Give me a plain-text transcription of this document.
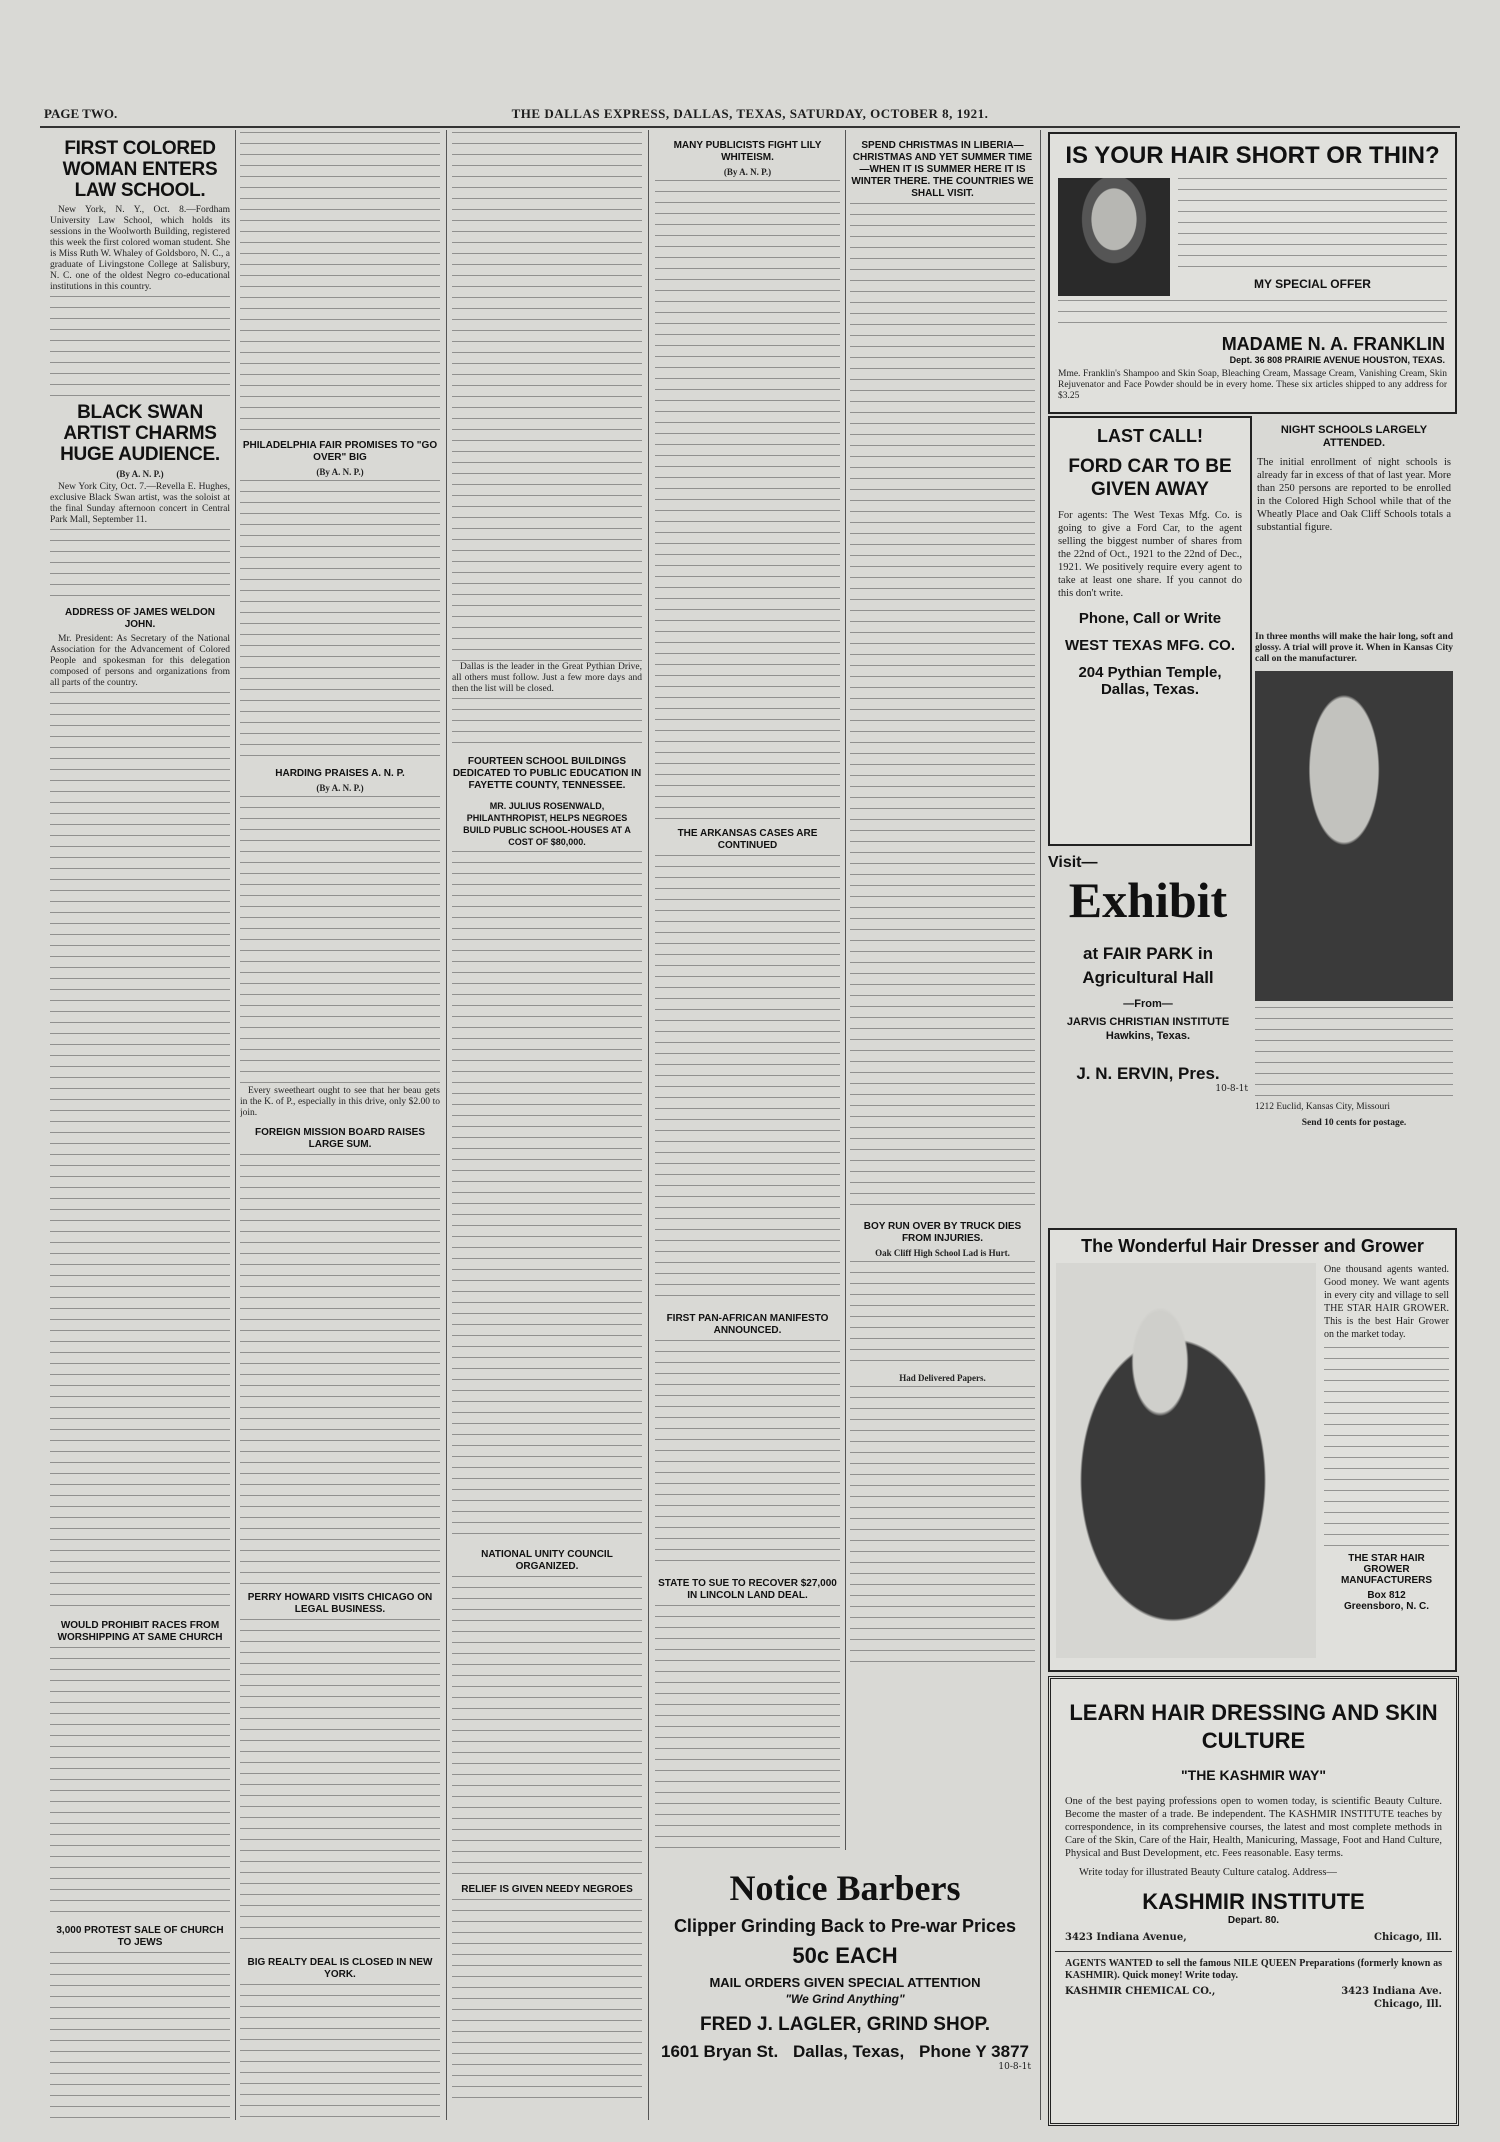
PAGE TWO.	THE DALLAS EXPRESS, DALLAS, TEXAS, SATURDAY, OCTOBER 8, 1921.
FIRST COLORED WOMAN ENTERS LAW SCHOOL.

New York, N. Y., Oct. 8.—Fordham University Law School, which holds its sessions in the Woolworth Building, registered this week the first colored woman student. She is Miss Ruth W. Whaley of Goldsboro, N. C., a graduate of Livingstone College at Salisbury, N. C. one of the oldest Negro co-educational institutions in this country.

BLACK SWAN ARTIST CHARMS HUGE AUDIENCE.
(By A. N. P.)

New York City, Oct. 7.—Revella E. Hughes, exclusive Black Swan artist, was the soloist at the final Sunday afternoon concert in Central Park Mall, September 11.

ADDRESS OF JAMES WELDON JOHN.

Mr. President: As Secretary of the National Association for the Advancement of Colored People and spokesman for this delegation composed of persons and organizations from all parts of the country.

WOULD PROHIBIT RACES FROM WORSHIPPING AT SAME CHURCH
3,000 PROTEST SALE OF CHURCH TO JEWS
PHILADELPHIA FAIR PROMISES TO "GO OVER" BIG
(By A. N. P.)
HARDING PRAISES A. N. P.
(By A. N. P.)

Every sweetheart ought to see that her beau gets in the K. of P., especially in this drive, only $2.00 to join.

FOREIGN MISSION BOARD RAISES LARGE SUM.
PERRY HOWARD VISITS CHICAGO ON LEGAL BUSINESS.
BIG REALTY DEAL IS CLOSED IN NEW YORK.

Dallas is the leader in the Great Pythian Drive, all others must follow. Just a few more days and then the list will be closed.

FOURTEEN SCHOOL BUILDINGS DEDICATED TO PUBLIC EDUCATION IN FAYETTE COUNTY, TENNESSEE.
MR. JULIUS ROSENWALD, PHILANTHROPIST, HELPS NEGROES BUILD PUBLIC SCHOOL-HOUSES AT A COST OF $80,000.
NATIONAL UNITY COUNCIL ORGANIZED.
RELIEF IS GIVEN NEEDY NEGROES
MANY PUBLICISTS FIGHT LILY WHITEISM.
(By A. N. P.)
THE ARKANSAS CASES ARE CONTINUED
FIRST PAN-AFRICAN MANIFESTO ANNOUNCED.
STATE TO SUE TO RECOVER $27,000 IN LINCOLN LAND DEAL.
SPEND CHRISTMAS IN LIBERIA—CHRISTMAS AND YET SUMMER TIME—WHEN IT IS SUMMER HERE IT IS WINTER THERE. THE COUNTRIES WE SHALL VISIT.
BOY RUN OVER BY TRUCK DIES FROM INJURIES.
Oak Cliff High School Lad is Hurt.
Had Delivered Papers.
Notice Barbers
Clipper Grinding Back to Pre-war Prices
50c EACH
MAIL ORDERS GIVEN SPECIAL ATTENTION
"We Grind Anything"
FRED J. LAGLER, GRIND SHOP.
1601 Bryan St. Dallas, Texas, Phone Y 3877
10-8-1t
IS YOUR HAIR SHORT OR THIN?
MY SPECIAL OFFER
MADAME N. A. FRANKLIN
Dept. 36 808 PRAIRIE AVENUE HOUSTON, TEXAS.

Mme. Franklin's Shampoo and Skin Soap, Bleaching Cream, Massage Cream, Vanishing Cream, Skin Rejuvenator and Face Powder should be in every home. These six articles shipped to any address for $3.25

LAST CALL!
FORD CAR TO BE GIVEN AWAY

For agents: The West Texas Mfg. Co. is going to give a Ford Car, to the agent selling the biggest number of shares from the 22nd of Oct., 1921 to the 22nd of Dec., 1921. We positively require every agent to take at least one share. If you cannot do this don't write.

Phone, Call or Write
WEST TEXAS MFG. CO.
204 Pythian Temple, Dallas, Texas.
NIGHT SCHOOLS LARGELY ATTENDED.

The initial enrollment of night schools is already far in excess of that of last year. More than 250 persons are reported to be enrolled in the Colored High School while that of the Wheatly Place and Oak Cliff Schools totals a substantial figure.

Visit—
Exhibit
at FAIR PARK in Agricultural Hall
—From—
JARVIS CHRISTIAN INSTITUTE
Hawkins, Texas.
J. N. ERVIN, Pres.
10-8-1t

In three months will make the hair long, soft and glossy. A trial will prove it. When in Kansas City call on the manufacturer.

1212 Euclid, Kansas City, Missouri

Send 10 cents for postage.

The Wonderful Hair Dresser and Grower

One thousand agents wanted. Good money. We want agents in every city and village to sell THE STAR HAIR GROWER. This is the best Hair Grower on the market today.

THE STAR HAIR GROWER MANUFACTURERS
Box 812
Greensboro, N. C.
LEARN HAIR DRESSING AND SKIN CULTURE
"THE KASHMIR WAY"

One of the best paying professions open to women today, is scientific Beauty Culture. Become the master of a trade. Be independent. The KASHMIR INSTITUTE teaches by correspondence, in its comprehensive courses, the latest and most complete methods in Care of the Skin, Care of the Hair, Health, Manicuring, Massage, Foot and Hand Culture, Physical and Bust Development, etc. Fees reasonable. Easy terms.

Write today for illustrated Beauty Culture catalog. Address—

KASHMIR INSTITUTE
Depart. 80.
3423 Indiana Avenue,	Chicago, Ill.

AGENTS WANTED to sell the famous NILE QUEEN Preparations (formerly known as KASHMIR). Quick money! Write today.

KASHMIR CHEMICAL CO.,	3423 Indiana Ave.
Chicago, Ill.
